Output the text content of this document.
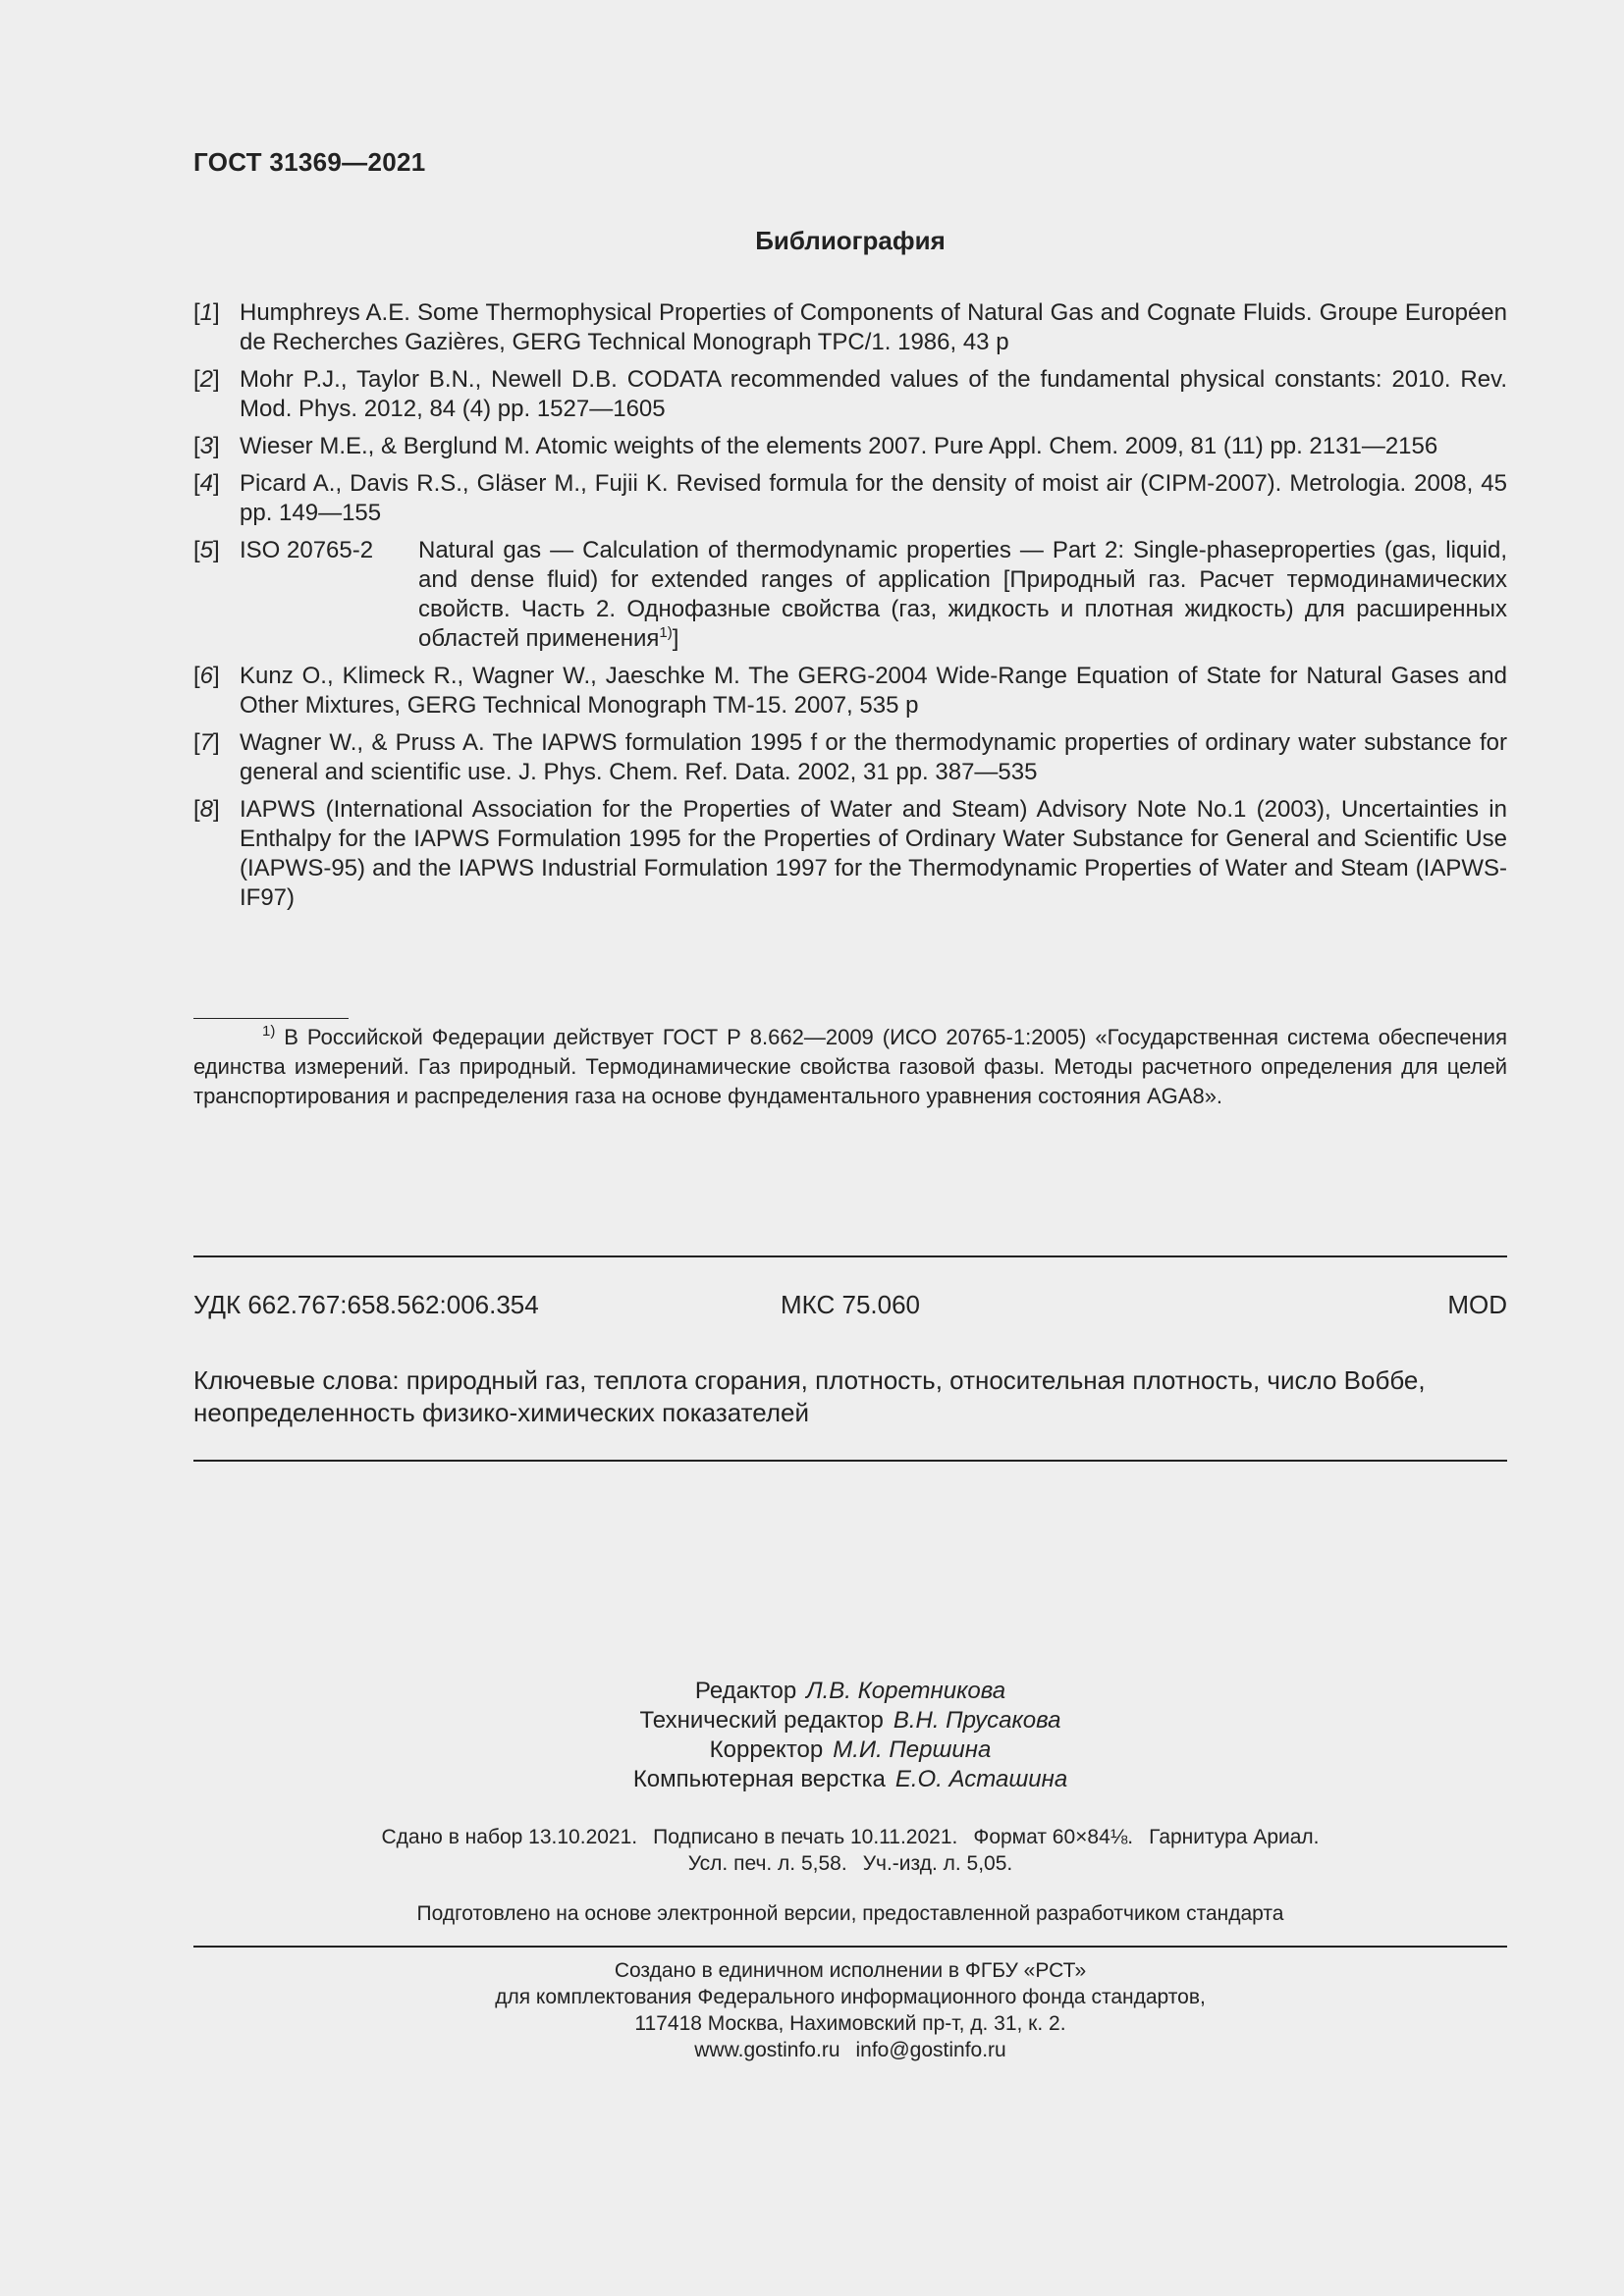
ГОСТ 31369—2021
Библиография
[1] Humphreys A.E. Some Thermophysical Properties of Components of Natural Gas and Cognate Fluids. Groupe Européen de Recherches Gazières, GERG Technical Monograph TPC/1. 1986, 43 p
[2] Mohr P.J., Taylor B.N., Newell D.B. CODATA recommended values of the fundamental physical constants: 2010. Rev. Mod. Phys. 2012, 84 (4) pp. 1527—1605
[3] Wieser M.E., & Berglund M. Atomic weights of the elements 2007. Pure Appl. Chem. 2009, 81 (11) pp. 2131—2156
[4] Picard A., Davis R.S., Gläser M., Fujii K. Revised formula for the density of moist air (CIPM-2007). Metrologia. 2008, 45 pp. 149—155
[5] ISO 20765-2	Natural gas — Calculation of thermodynamic properties — Part 2: Single-phaseproperties (gas, liquid, and dense fluid) for extended ranges of application [Природный газ. Расчет термодинамических свойств. Часть 2. Однофазные свойства (газ, жидкость и плотная жидкость) для расширенных областей применения$^{1)}$]
[6] Kunz O., Klimeck R., Wagner W., Jaeschke M. The GERG-2004 Wide-Range Equation of State for Natural Gases and Other Mixtures, GERG Technical Monograph TM-15. 2007, 535 p
[7] Wagner W., & Pruss A. The IAPWS formulation 1995 f or the thermodynamic properties of ordinary water substance for general and scientific use. J. Phys. Chem. Ref. Data. 2002, 31 pp. 387—535
[8] IAPWS (International Association for the Properties of Water and Steam) Advisory Note No.1 (2003), Uncertainties in Enthalpy for the IAPWS Formulation 1995 for the Properties of Ordinary Water Substance for General and Scientific Use (IAPWS-95) and the IAPWS Industrial Formulation 1997 for the Thermodynamic Properties of Water and Steam (IAPWS-IF97)
$^{1)}$ В Российской Федерации действует ГОСТ Р 8.662—2009 (ИСО 20765-1:2005) «Государственная система обеспечения единства измерений. Газ природный. Термодинамические свойства газовой фазы. Методы расчетного определения для целей транспортирования и распределения газа на основе фундаментального уравнения состояния AGA8».
УДК 662.767:658.562:006.354	МКС 75.060	MOD
Ключевые слова: природный газ, теплота сгорания, плотность, относительная плотность, число Воббе, неопределенность физико-химических показателей
Редактор Л.В. Коретникова
Технический редактор В.Н. Прусакова
Корректор М.И. Першина
Компьютерная верстка Е.О. Асташина
Сдано в набор 13.10.2021. Подписано в печать 10.11.2021. Формат 60×84⅛. Гарнитура Ариал.
Усл. печ. л. 5,58. Уч.-изд. л. 5,05.
Подготовлено на основе электронной версии, предоставленной разработчиком стандарта
Создано в единичном исполнении в ФГБУ «РСТ»
для комплектования Федерального информационного фонда стандартов,
117418 Москва, Нахимовский пр-т, д. 31, к. 2.
www.gostinfo.ru info@gostinfo.ru
